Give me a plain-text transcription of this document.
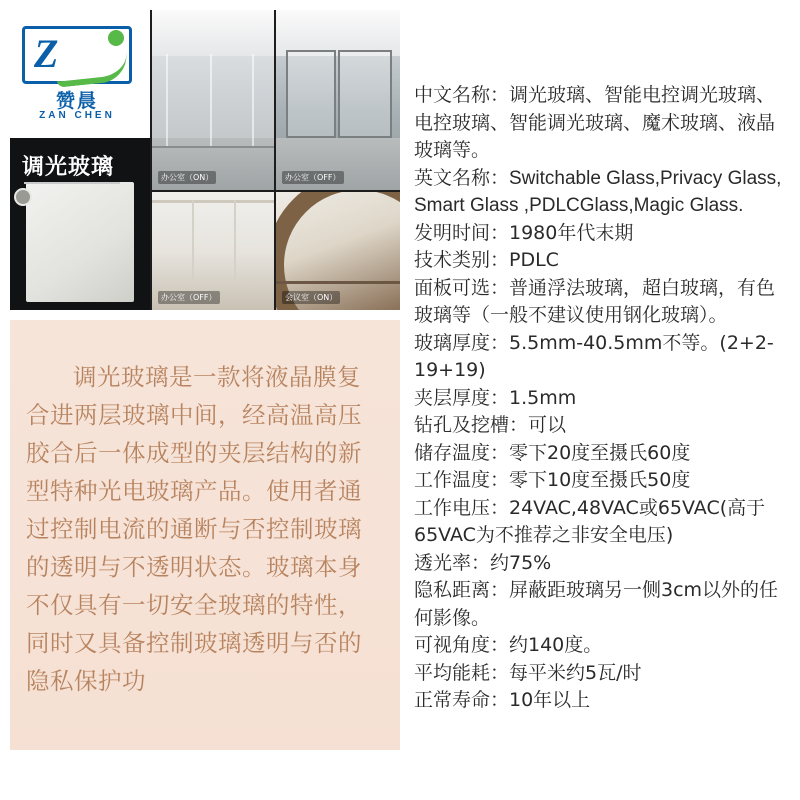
Z
赞晨
ZAN CHEN
调光玻璃	办公室（ON）	办公室（OFF）
办公室（OFF）	会议室（ON）
调光玻璃是一款将液晶膜复合进两层玻璃中间，经高温高压胶合后一体成型的夹层结构的新型特种光电玻璃产品。使用者通过控制电流的通断与否控制玻璃的透明与不透明状态。玻璃本身不仅具有一切安全玻璃的特性，同时又具备控制玻璃透明与否的隐私保护功

中文名称：调光玻璃、智能电控调光玻璃、电控玻璃、智能调光玻璃、魔术玻璃、液晶玻璃等。

英文名称：Switchable Glass,Privacy Glass, Smart Glass ,PDLCGlass,Magic Glass.

发明时间：1980年代末期

技术类别：PDLC

面板可选：普通浮法玻璃，超白玻璃，有色玻璃等（一般不建议使用钢化玻璃）。

玻璃厚度：5.5mm-40.5mm不等。(2+2-19+19)

夹层厚度：1.5mm

钻孔及挖槽：可以

储存温度：零下20度至摄氏60度

工作温度：零下10度至摄氏50度

工作电压：24VAC,48VAC或65VAC(高于65VAC为不推荐之非安全电压)

透光率：约75%

隐私距离：屏蔽距玻璃另一侧3cm以外的任何影像。

可视角度：约140度。

平均能耗：每平米约5瓦/时

正常寿命：10年以上
